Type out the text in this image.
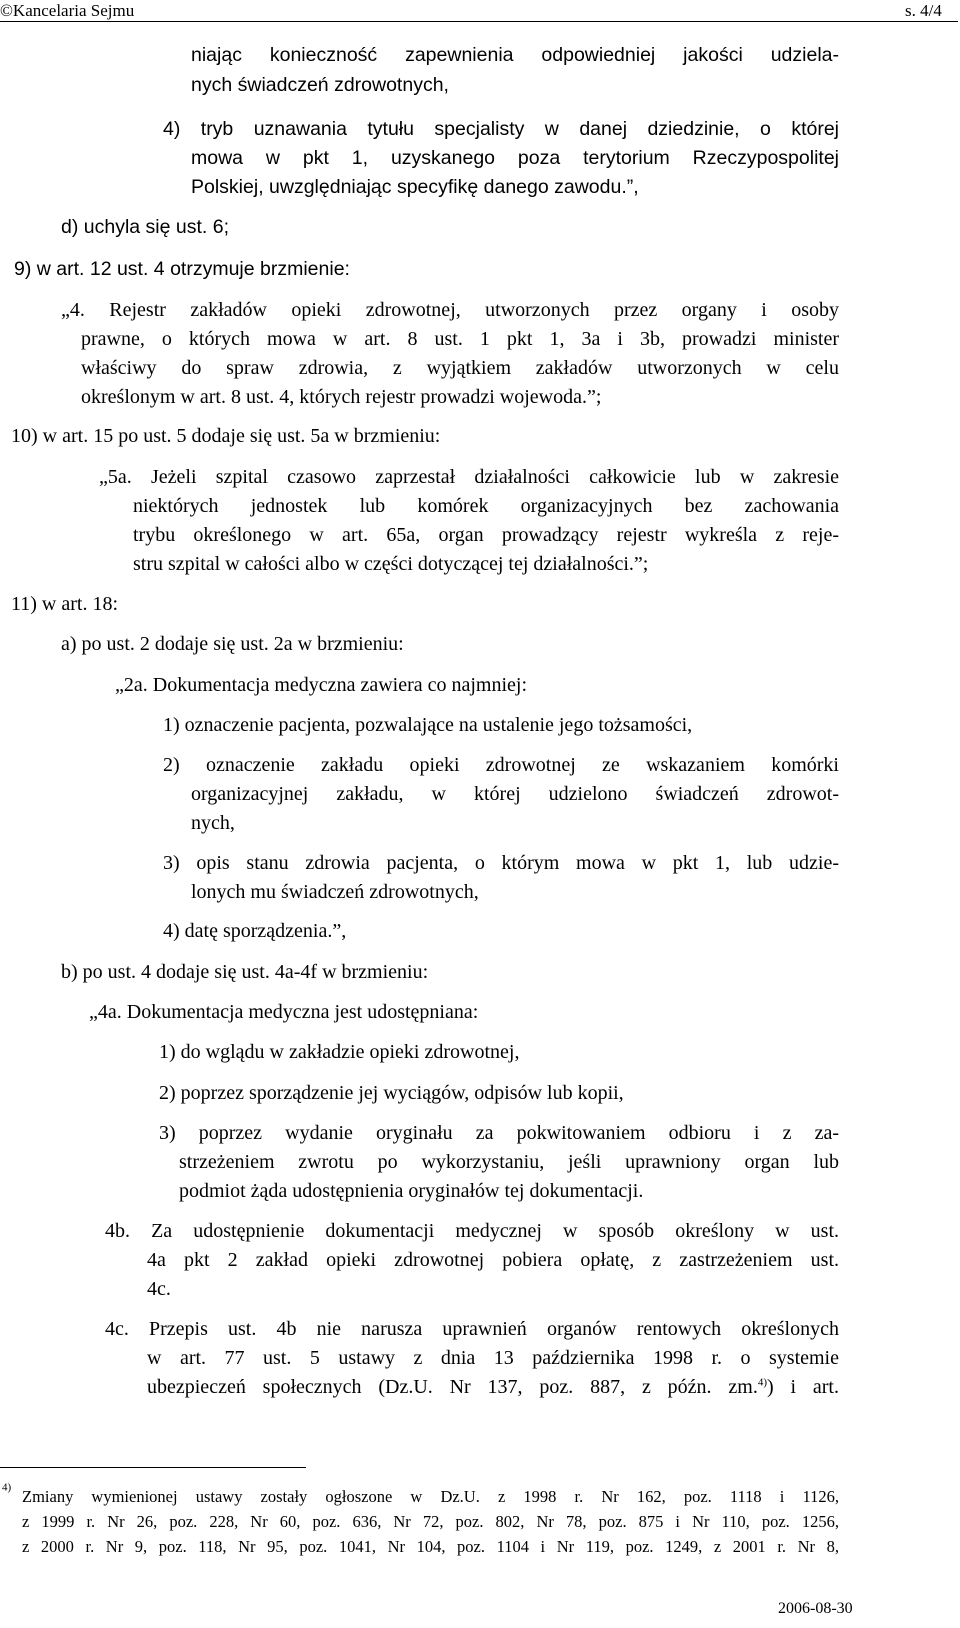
©Kancelaria Sejmu	s. 4/4
niając konieczność zapewnienia odpowiedniej jakości udziela-
nych świadczeń zdrowotnych,
4) tryb uznawania tytułu specjalisty w danej dziedzinie, o której
mowa w pkt 1, uzyskanego poza terytorium Rzeczypospolitej
Polskiej, uwzględniając specyfikę danego zawodu.”,
d) uchyla się ust. 6;
9) w art. 12 ust. 4 otrzymuje brzmienie:
„4. Rejestr zakładów opieki zdrowotnej, utworzonych przez organy i osoby
prawne, o których mowa w art. 8 ust. 1 pkt 1, 3a i 3b, prowadzi minister
właściwy do spraw zdrowia, z wyjątkiem zakładów utworzonych w celu
określonym w art. 8 ust. 4, których rejestr prowadzi wojewoda.”;
10) w art. 15 po ust. 5 dodaje się ust. 5a w brzmieniu:
„5a. Jeżeli szpital czasowo zaprzestał działalności całkowicie lub w zakresie
niektórych jednostek lub komórek organizacyjnych bez zachowania
trybu określonego w art. 65a, organ prowadzący rejestr wykreśla z reje-
stru szpital w całości albo w części dotyczącej tej działalności.”;
11) w art. 18:
a) po ust. 2 dodaje się ust. 2a w brzmieniu:
„2a. Dokumentacja medyczna zawiera co najmniej:
1) oznaczenie pacjenta, pozwalające na ustalenie jego tożsamości,
2) oznaczenie zakładu opieki zdrowotnej ze wskazaniem komórki
organizacyjnej zakładu, w której udzielono świadczeń zdrowot-
nych,
3) opis stanu zdrowia pacjenta, o którym mowa w pkt 1, lub udzie-
lonych mu świadczeń zdrowotnych,
4) datę sporządzenia.”,
b) po ust. 4 dodaje się ust. 4a-4f w brzmieniu:
„4a. Dokumentacja medyczna jest udostępniana:
1) do wglądu w zakładzie opieki zdrowotnej,
2) poprzez sporządzenie jej wyciągów, odpisów lub kopii,
3) poprzez wydanie oryginału za pokwitowaniem odbioru i z za-
strzeżeniem zwrotu po wykorzystaniu, jeśli uprawniony organ lub
podmiot żąda udostępnienia oryginałów tej dokumentacji.
4b. Za udostępnienie dokumentacji medycznej w sposób określony w ust.
4a pkt 2 zakład opieki zdrowotnej pobiera opłatę, z zastrzeżeniem ust.
4c.
4c. Przepis ust. 4b nie narusza uprawnień organów rentowych określonych
w art. 77 ust. 5 ustawy z dnia 13 października 1998 r. o systemie
ubezpieczeń społecznych (Dz.U. Nr 137, poz. 887, z późn. zm.$^{4)}$) i art.
$^{4)}$ Zmiany wymienionej ustawy zostały ogłoszone w Dz.U. z 1998 r. Nr 162, poz. 1118 i 1126,
z 1999 r. Nr 26, poz. 228, Nr 60, poz. 636, Nr 72, poz. 802, Nr 78, poz. 875 i Nr 110, poz. 1256,
z 2000 r. Nr 9, poz. 118, Nr 95, poz. 1041, Nr 104, poz. 1104 i Nr 119, poz. 1249, z 2001 r. Nr 8,
2006-08-30
